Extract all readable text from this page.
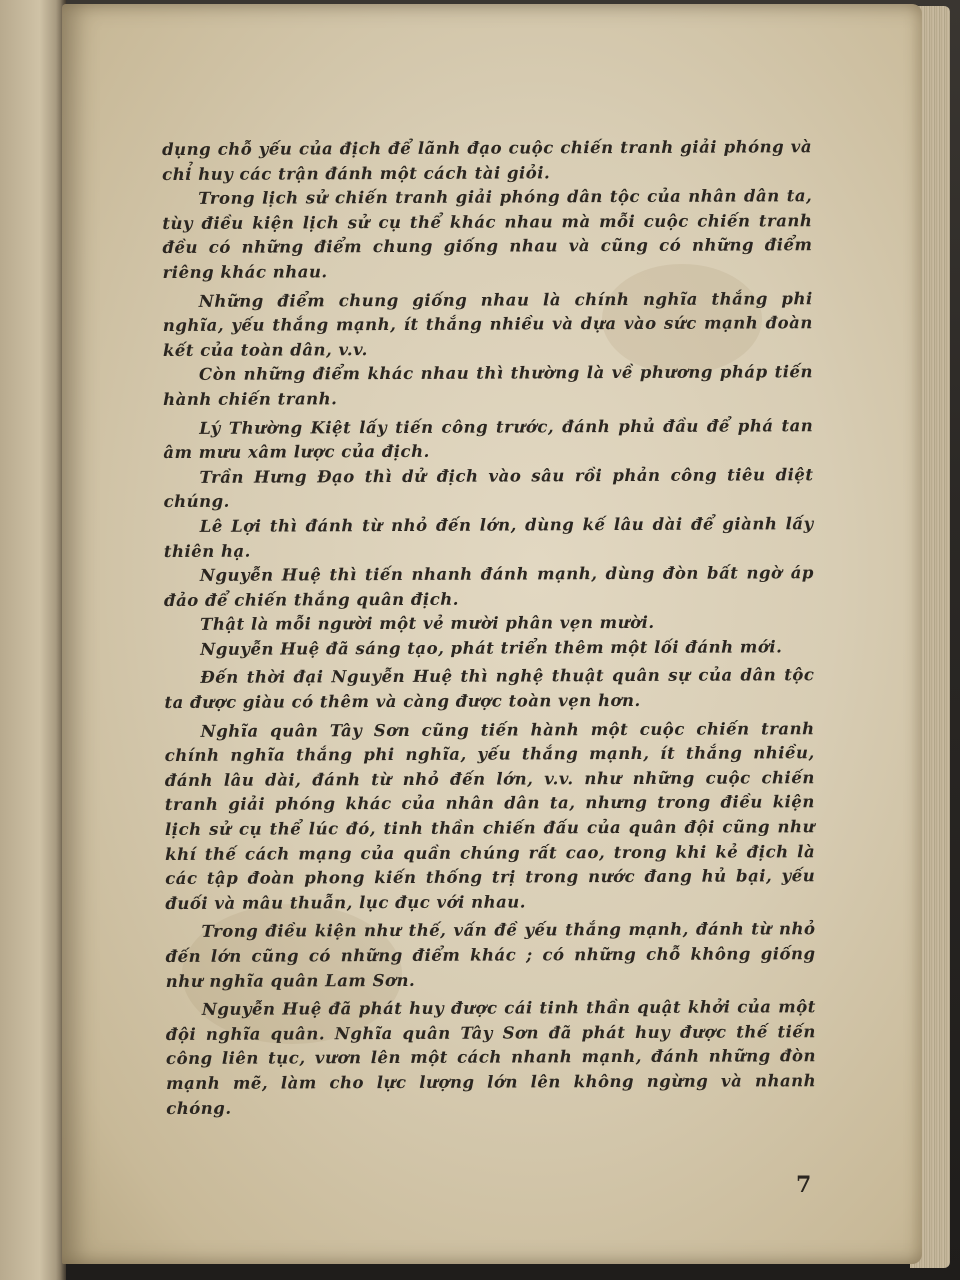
dụng chỗ yếu của địch để lãnh đạo cuộc chiến tranh giải phóng và chỉ huy các trận đánh một cách tài giỏi.

Trong lịch sử chiến tranh giải phóng dân tộc của nhân dân ta, tùy điều kiện lịch sử cụ thể khác nhau mà mỗi cuộc chiến tranh đều có những điểm chung giống nhau và cũng có những điểm riêng khác nhau.

Những điểm chung giống nhau là chính nghĩa thắng phi nghĩa, yếu thắng mạnh, ít thắng nhiều và dựa vào sức mạnh đoàn kết của toàn dân, v.v.

Còn những điểm khác nhau thì thường là về phương pháp tiến hành chiến tranh.

Lý Thường Kiệt lấy tiến công trước, đánh phủ đầu để phá tan âm mưu xâm lược của địch.

Trần Hưng Đạo thì dử địch vào sâu rồi phản công tiêu diệt chúng.

Lê Lợi thì đánh từ nhỏ đến lớn, dùng kế lâu dài để giành lấy thiên hạ.

Nguyễn Huệ thì tiến nhanh đánh mạnh, dùng đòn bất ngờ áp đảo để chiến thắng quân địch.

Thật là mỗi người một vẻ mười phân vẹn mười.

Nguyễn Huệ đã sáng tạo, phát triển thêm một lối đánh mới.

Đến thời đại Nguyễn Huệ thì nghệ thuật quân sự của dân tộc ta được giàu có thêm và càng được toàn vẹn hơn.

Nghĩa quân Tây Sơn cũng tiến hành một cuộc chiến tranh chính nghĩa thắng phi nghĩa, yếu thắng mạnh, ít thắng nhiều, đánh lâu dài, đánh từ nhỏ đến lớn, v.v. như những cuộc chiến tranh giải phóng khác của nhân dân ta, nhưng trong điều kiện lịch sử cụ thể lúc đó, tinh thần chiến đấu của quân đội cũng như khí thế cách mạng của quần chúng rất cao, trong khi kẻ địch là các tập đoàn phong kiến thống trị trong nước đang hủ bại, yếu đuối và mâu thuẫn, lục đục với nhau.

Trong điều kiện như thế, vấn đề yếu thắng mạnh, đánh từ nhỏ đến lớn cũng có những điểm khác ; có những chỗ không giống như nghĩa quân Lam Sơn.

Nguyễn Huệ đã phát huy được cái tinh thần quật khởi của một đội nghĩa quân. Nghĩa quân Tây Sơn đã phát huy được thế tiến công liên tục, vươn lên một cách nhanh mạnh, đánh những đòn mạnh mẽ, làm cho lực lượng lớn lên không ngừng và nhanh chóng.

7
